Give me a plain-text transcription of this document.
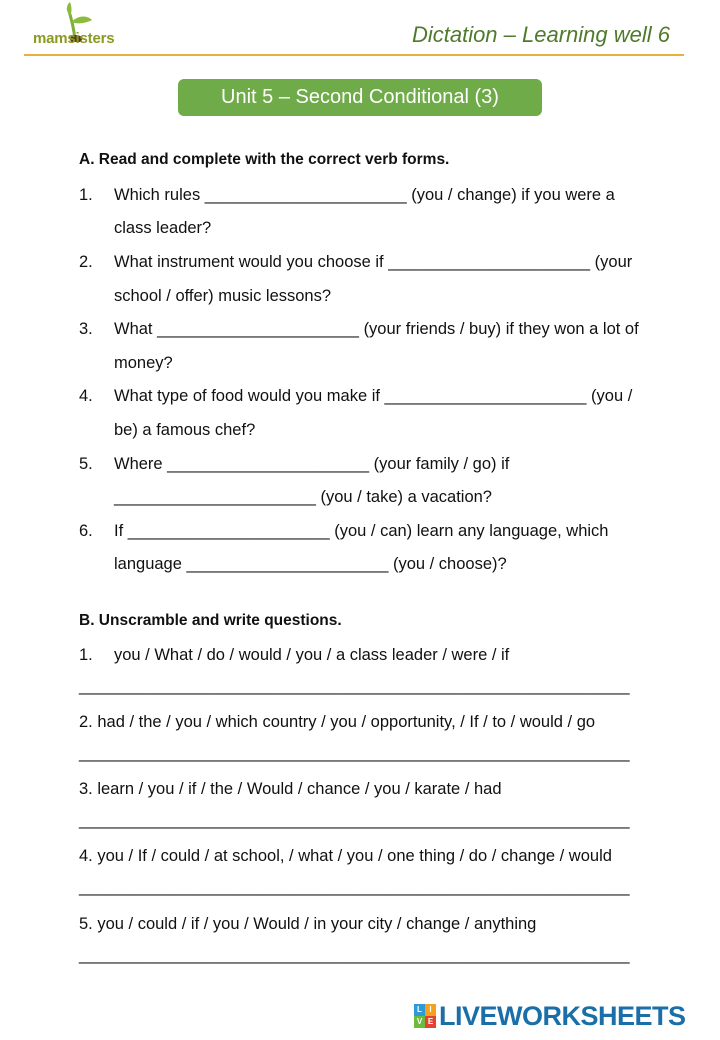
mamsisters	Dictation – Learning well 6
Unit 5 – Second Conditional (3)
A. Read and complete with the correct verb forms.
1. Which rules ______________________ (you / change) if you were a
class leader?
2. What instrument would you choose if ______________________ (your
school / offer) music lessons?
3. What ______________________ (your friends / buy) if they won a lot of
money?
4. What type of food would you make if ______________________ (you /
be) a famous chef?
5. Where ______________________ (your family / go) if
______________________ (you / take) a vacation?
6. If ______________________ (you / can) learn any language, which
language ______________________ (you / choose)?
B. Unscramble and write questions.
1. you / What / do / would / you / a class leader / were / if
____________________________________________________________
2. had / the / you / which country / you / opportunity, / If / to / would / go
____________________________________________________________
3. learn / you / if / the / Would / chance / you / karate / had
____________________________________________________________
4. you / If / could / at school, / what / you / one thing / do / change / would
____________________________________________________________
5. you / could / if / you / Would / in your city / change / anything
____________________________________________________________
L I
V E LIVEWORKSHEETS
